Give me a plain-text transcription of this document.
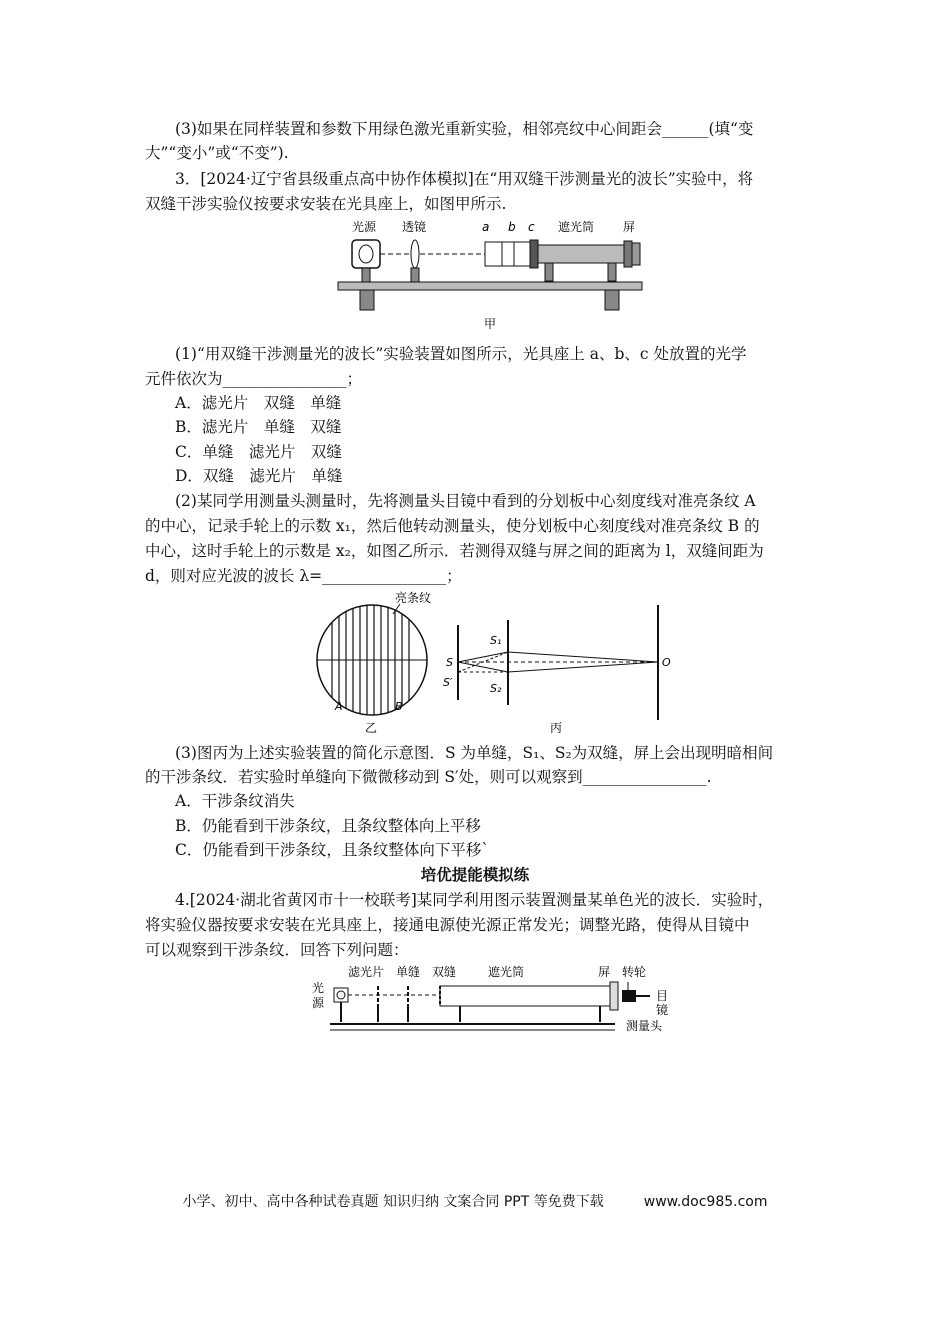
(3)如果在同样装置和参数下用绿色激光重新实验，相邻亮纹中心间距会______(填“变
大”“变小”或“不变”).
3．[2024·辽宁省县级重点高中协作体模拟]在“用双缝干涉测量光的波长”实验中，将
双缝干涉实验仪按要求安装在光具座上，如图甲所示.
光源 透镜	a b c 遮光筒 屏
甲
(1)“用双缝干涉测量光的波长”实验装置如图所示，光具座上 a、b、c 处放置的光学
元件依次为________________；
A．滤光片　双缝　单缝
B．滤光片　单缝　双缝
C．单缝　滤光片　双缝
D．双缝　滤光片　单缝
(2)某同学用测量头测量时，先将测量头目镜中看到的分划板中心刻度线对准亮条纹 A
的中心，记录手轮上的示数 x₁，然后他转动测量头，使分划板中心刻度线对准亮条纹 B 的
中心，这时手轮上的示数是 x₂，如图乙所示．若测得双缝与屏之间的距离为 l，双缝间距为
d，则对应光波的波长 λ=________________；
亮条纹
A	B
乙
S
S₁
S₂
S′
O
丙
(3)图丙为上述实验装置的简化示意图．S 为单缝，S₁、S₂为双缝，屏上会出现明暗相间
的干涉条纹．若实验时单缝向下微微移动到 S′处，则可以观察到________________.
A．干涉条纹消失
B．仍能看到干涉条纹，且条纹整体向上平移
C．仍能看到干涉条纹，且条纹整体向下平移`
培优提能模拟练
4.[2024·湖北省黄冈市十一校联考]某同学利用图示装置测量某单色光的波长．实验时，
将实验仪器按要求安装在光具座上，接通电源使光源正常发光；调整光路，使得从目镜中
可以观察到干涉条纹．回答下列问题：
光
源
滤光片 单缝 双缝	遮光筒	屏 转轮
目
镜
测量头
小学、初中、高中各种试卷真题 知识归纳 文案合同 PPT 等免费下载	www.doc985.com
